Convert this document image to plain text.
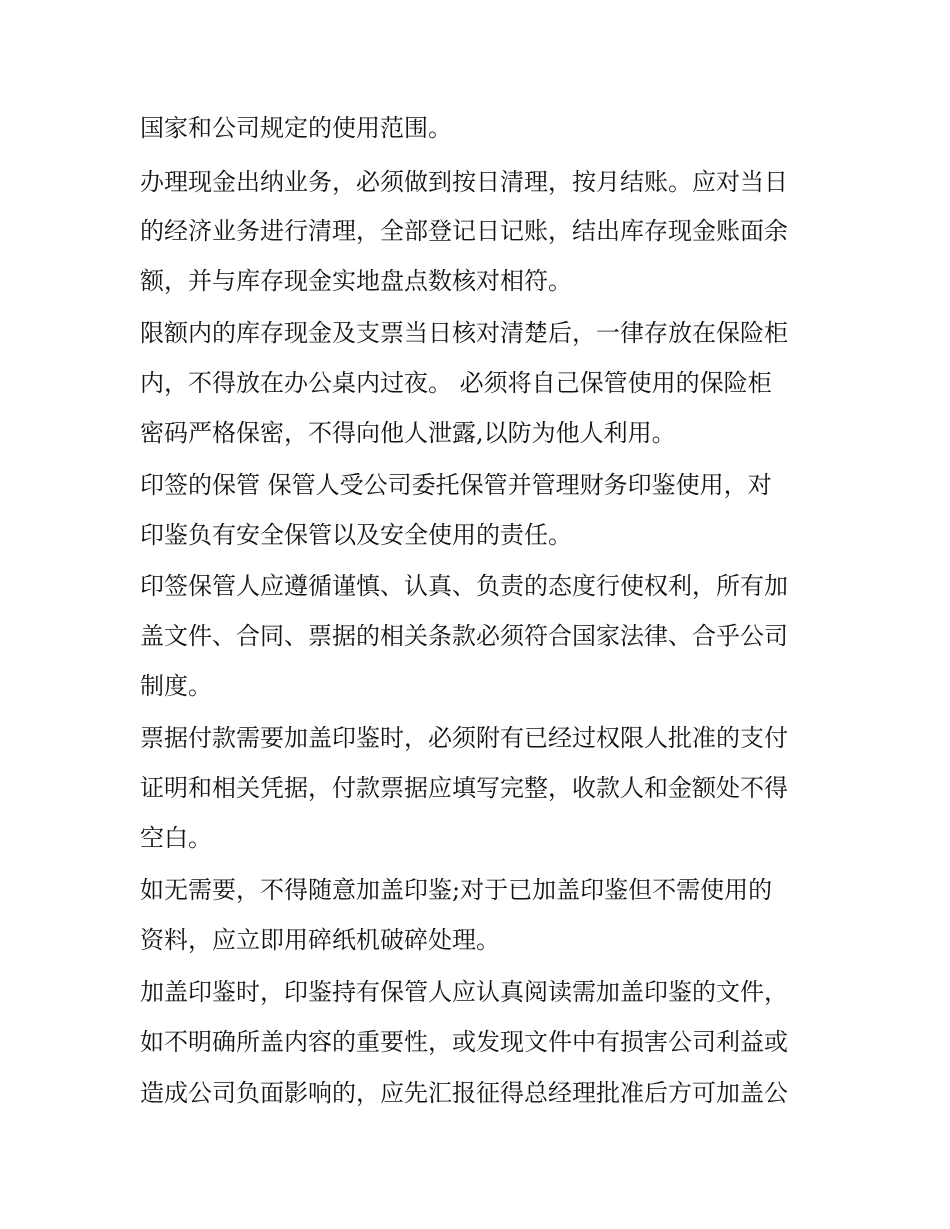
国家和公司规定的使用范围。
办理现金出纳业务，必须做到按日清理，按月结账。应对当日
的经济业务进行清理，全部登记日记账，结出库存现金账面余
额，并与库存现金实地盘点数核对相符。
限额内的库存现金及支票当日核对清楚后，一律存放在保险柜
内，不得放在办公桌内过夜。 必须将自己保管使用的保险柜
密码严格保密，不得向他人泄露,以防为他人利用。
印签的保管 保管人受公司委托保管并管理财务印鉴使用，对
印鉴负有安全保管以及安全使用的责任。
印签保管人应遵循谨慎、认真、负责的态度行使权利，所有加
盖文件、合同、票据的相关条款必须符合国家法律、合乎公司
制度。
票据付款需要加盖印鉴时，必须附有已经过权限人批准的支付
证明和相关凭据，付款票据应填写完整，收款人和金额处不得
空白。
如无需要，不得随意加盖印鉴;对于已加盖印鉴但不需使用的
资料，应立即用碎纸机破碎处理。
加盖印鉴时，印鉴持有保管人应认真阅读需加盖印鉴的文件，
如不明确所盖内容的重要性，或发现文件中有损害公司利益或
造成公司负面影响的，应先汇报征得总经理批准后方可加盖公
